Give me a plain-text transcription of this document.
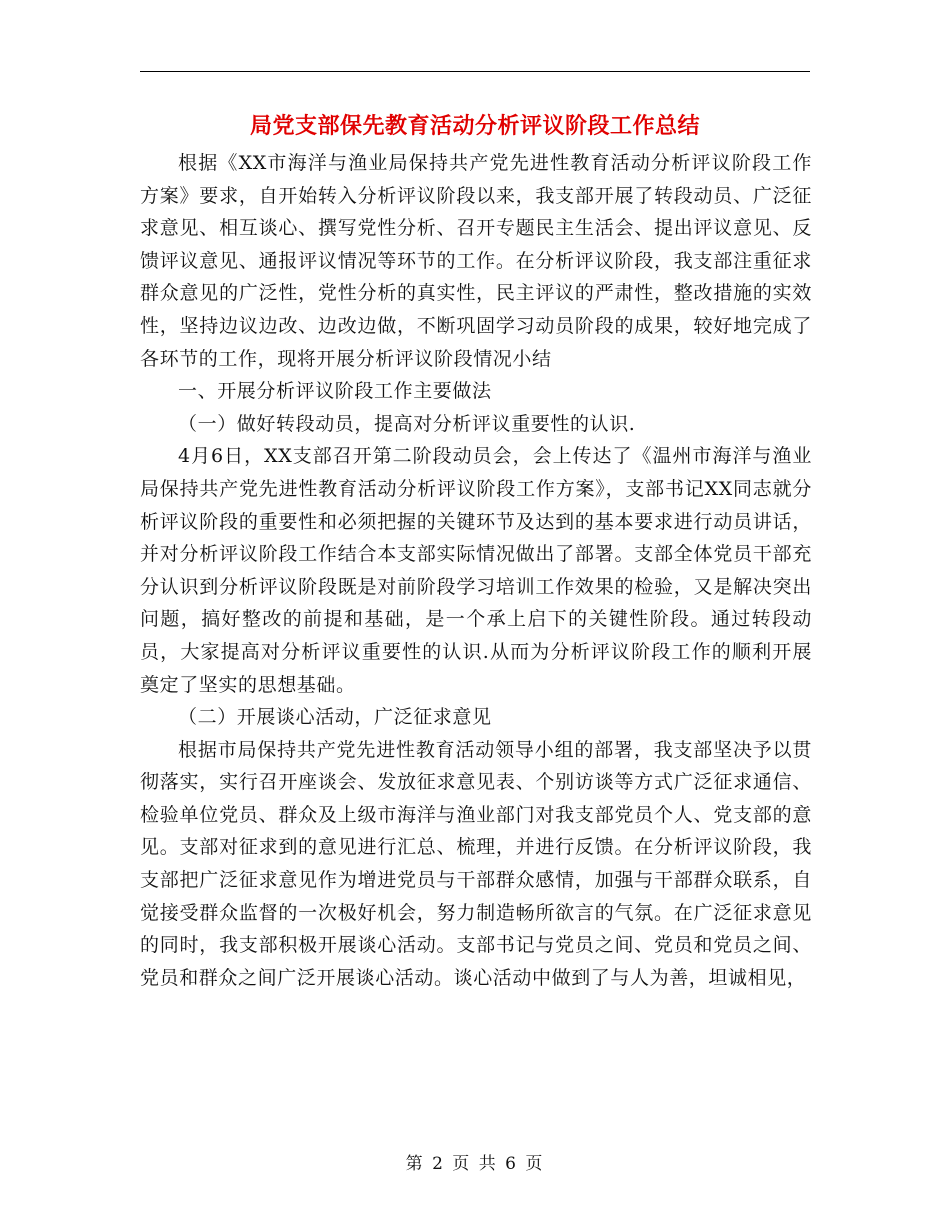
局党支部保先教育活动分析评议阶段工作总结

根据《XX市海洋与渔业局保持共产党先进性教育活动分析评议阶段工作方案》要求，自开始转入分析评议阶段以来，我支部开展了转段动员、广泛征求意见、相互谈心、撰写党性分析、召开专题民主生活会、提出评议意见、反馈评议意见、通报评议情况等环节的工作。在分析评议阶段，我支部注重征求群众意见的广泛性，党性分析的真实性，民主评议的严肃性，整改措施的实效性，坚持边议边改、边改边做，不断巩固学习动员阶段的成果，较好地完成了各环节的工作，现将开展分析评议阶段情况小结

一、开展分析评议阶段工作主要做法

（一）做好转段动员，提高对分析评议重要性的认识.

4月6日，XX支部召开第二阶段动员会，会上传达了《温州市海洋与渔业局保持共产党先进性教育活动分析评议阶段工作方案》，支部书记XX同志就分析评议阶段的重要性和必须把握的关键环节及达到的基本要求进行动员讲话，并对分析评议阶段工作结合本支部实际情况做出了部署。支部全体党员干部充分认识到分析评议阶段既是对前阶段学习培训工作效果的检验，又是解决突出问题，搞好整改的前提和基础，是一个承上启下的关键性阶段。通过转段动员，大家提高对分析评议重要性的认识.从而为分析评议阶段工作的顺利开展奠定了坚实的思想基础。

（二）开展谈心活动，广泛征求意见

根据市局保持共产党先进性教育活动领导小组的部署，我支部坚决予以贯彻落实，实行召开座谈会、发放征求意见表、个别访谈等方式广泛征求通信、检验单位党员、群众及上级市海洋与渔业部门对我支部党员个人、党支部的意见。支部对征求到的意见进行汇总、梳理，并进行反馈。在分析评议阶段，我支部把广泛征求意见作为增进党员与干部群众感情，加强与干部群众联系，自觉接受群众监督的一次极好机会，努力制造畅所欲言的气氛。在广泛征求意见的同时，我支部积极开展谈心活动。支部书记与党员之间、党员和党员之间、党员和群众之间广泛开展谈心活动。谈心活动中做到了与人为善，坦诚相见，

第 2 页 共 6 页
